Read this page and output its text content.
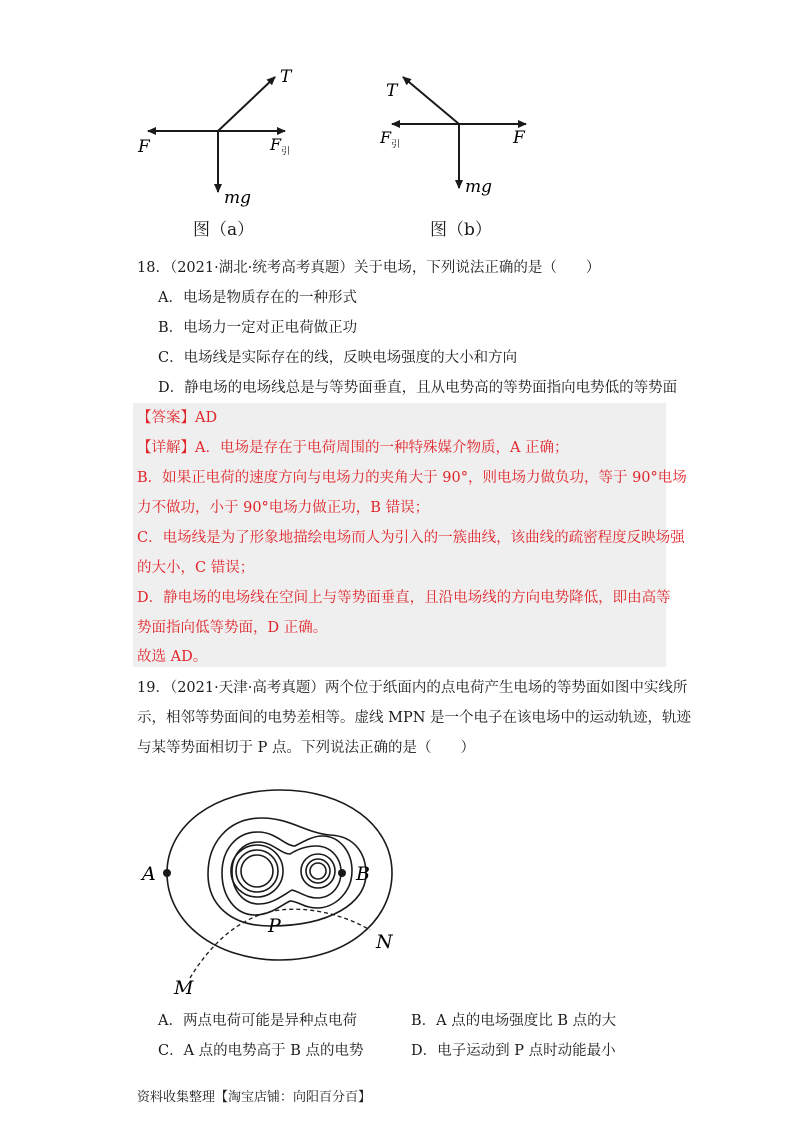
T
F	F 引
mg
T
F 引	F
mg
图（a）	图（b）
18．（2021·湖北·统考高考真题）关于电场，下列说法正确的是（　　）
A．电场是物质存在的一种形式
B．电场力一定对正电荷做正功
C．电场线是实际存在的线，反映电场强度的大小和方向
D．静电场的电场线总是与等势面垂直，且从电势高的等势面指向电势低的等势面
【答案】AD
【详解】A．电场是存在于电荷周围的一种特殊媒介物质，A 正确；
B．如果正电荷的速度方向与电场力的夹角大于 90°，则电场力做负功，等于 90°电场
力不做功，小于 90°电场力做正功，B 错误；
C．电场线是为了形象地描绘电场而人为引入的一簇曲线，该曲线的疏密程度反映场强
的大小，C 错误；
D．静电场的电场线在空间上与等势面垂直，且沿电场线的方向电势降低，即由高等
势面指向低等势面，D 正确。
故选 AD。
19．（2021·天津·高考真题）两个位于纸面内的点电荷产生电场的等势面如图中实线所
示，相邻等势面间的电势差相等。虚线 MPN 是一个电子在该电场中的运动轨迹，轨迹
与某等势面相切于 P 点。下列说法正确的是（　　）
A	B
P
N
M
A．两点电荷可能是异种点电荷	B．A 点的电场强度比 B 点的大
C．A 点的电势高于 B 点的电势	D．电子运动到 P 点时动能最小
资料收集整理【淘宝店铺：向阳百分百】
